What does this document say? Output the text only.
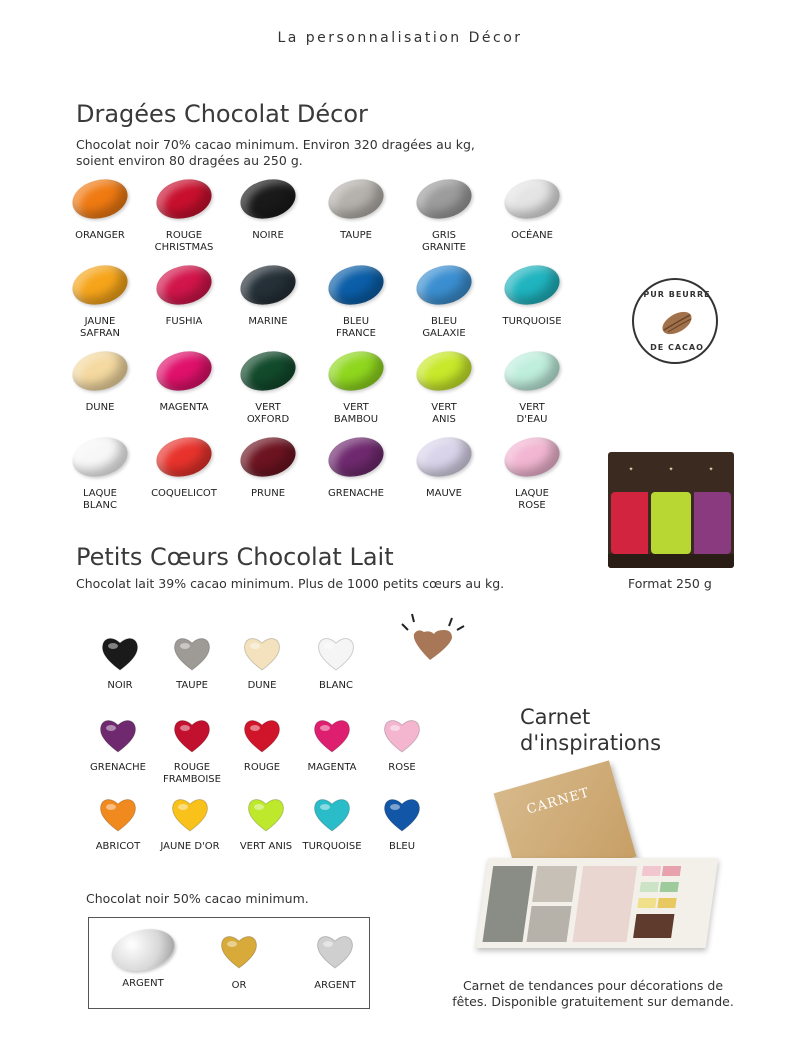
La personnalisation Décor
Dragées Chocolat Décor
Chocolat noir 70% cacao minimum. Environ 320 dragées au kg,
soient environ 80 dragées au 250 g.
ORANGER	ROUGE
CHRISTMAS
NOIRE	TAUPE	GRIS
GRANITE
OCÉANE
JAUNE
SAFRAN
FUSHIA	MARINE	BLEU
FRANCE
BLEU
GALAXIE
TURQUOISE
DUNE	MAGENTA	VERT
OXFORD
VERT
BAMBOU
VERT
ANIS
VERT
D'EAU
LAQUE
BLANC
COQUELICOT	PRUNE	GRENACHE	MAUVE	LAQUE
ROSE
PUR BEURRE
DE CACAO
✦	✦	✦
Format 250 g
Petits Cœurs Chocolat Lait
Chocolat lait 39% cacao minimum. Plus de 1000 petits cœurs au kg.
NOIR	TAUPE	DUNE	BLANC
GRENACHE	ROUGE
FRAMBOISE
ROUGE	MAGENTA	ROSE
ABRICOT	JAUNE D'OR	VERT ANIS	TURQUOISE	BLEU
Chocolat noir 50% cacao minimum.
ARGENT	OR	ARGENT
Carnet
d'inspirations
CARNET
Carnet de tendances pour décorations de fêtes. Disponible gratuitement sur demande.
